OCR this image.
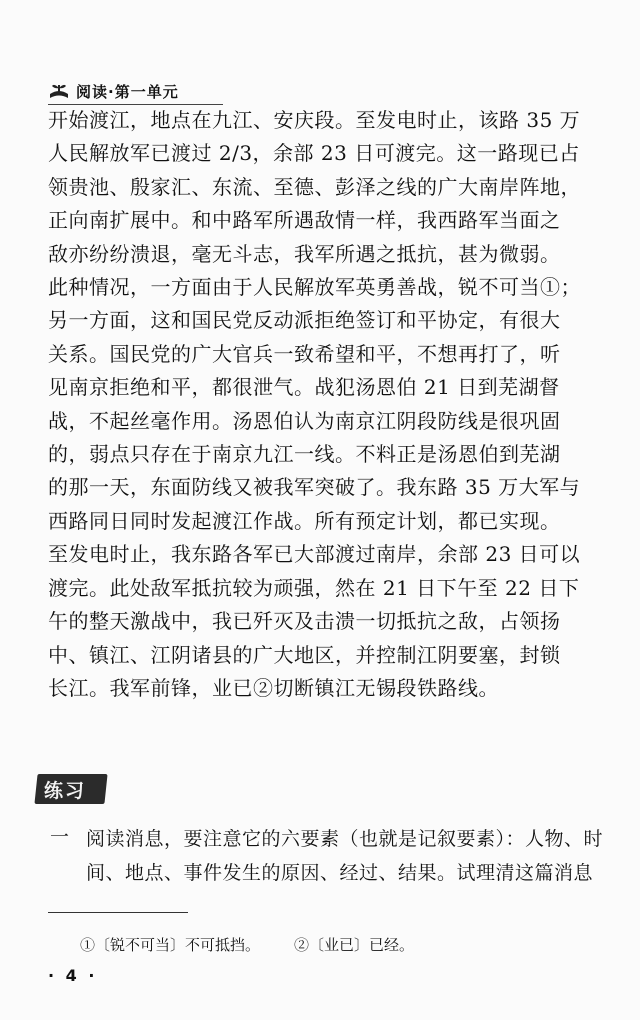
阅读·第一单元

开始渡江，地点在九江、安庆段。至发电时止，该路 35 万
人民解放军已渡过 2/3，余部 23 日可渡完。这一路现已占
领贵池、殷家汇、东流、至德、彭泽之线的广大南岸阵地，
正向南扩展中。和中路军所遇敌情一样，我西路军当面之
敌亦纷纷溃退，毫无斗志，我军所遇之抵抗，甚为微弱。
此种情况，一方面由于人民解放军英勇善战，锐不可当①；
另一方面，这和国民党反动派拒绝签订和平协定，有很大
关系。国民党的广大官兵一致希望和平，不想再打了，听
见南京拒绝和平，都很泄气。战犯汤恩伯 21 日到芜湖督
战，不起丝毫作用。汤恩伯认为南京江阴段防线是很巩固
的，弱点只存在于南京九江一线。不料正是汤恩伯到芜湖
的那一天，东面防线又被我军突破了。我东路 35 万大军与
西路同日同时发起渡江作战。所有预定计划，都已实现。
至发电时止，我东路各军已大部渡过南岸，余部 23 日可以
渡完。此处敌军抵抗较为顽强，然在 21 日下午至 22 日下
午的整天激战中，我已歼灭及击溃一切抵抗之敌，占领扬
中、镇江、江阴诸县的广大地区，并控制江阴要塞，封锁
长江。我军前锋，业已②切断镇江无锡段铁路线。

练习
一 阅读消息，要注意它的六要素（也就是记叙要素）：人物、时
间、地点、事件发生的原因、经过、结果。试理清这篇消息

①〔锐不可当〕不可抵挡。 ②〔业已〕已经。
· 4 ·
